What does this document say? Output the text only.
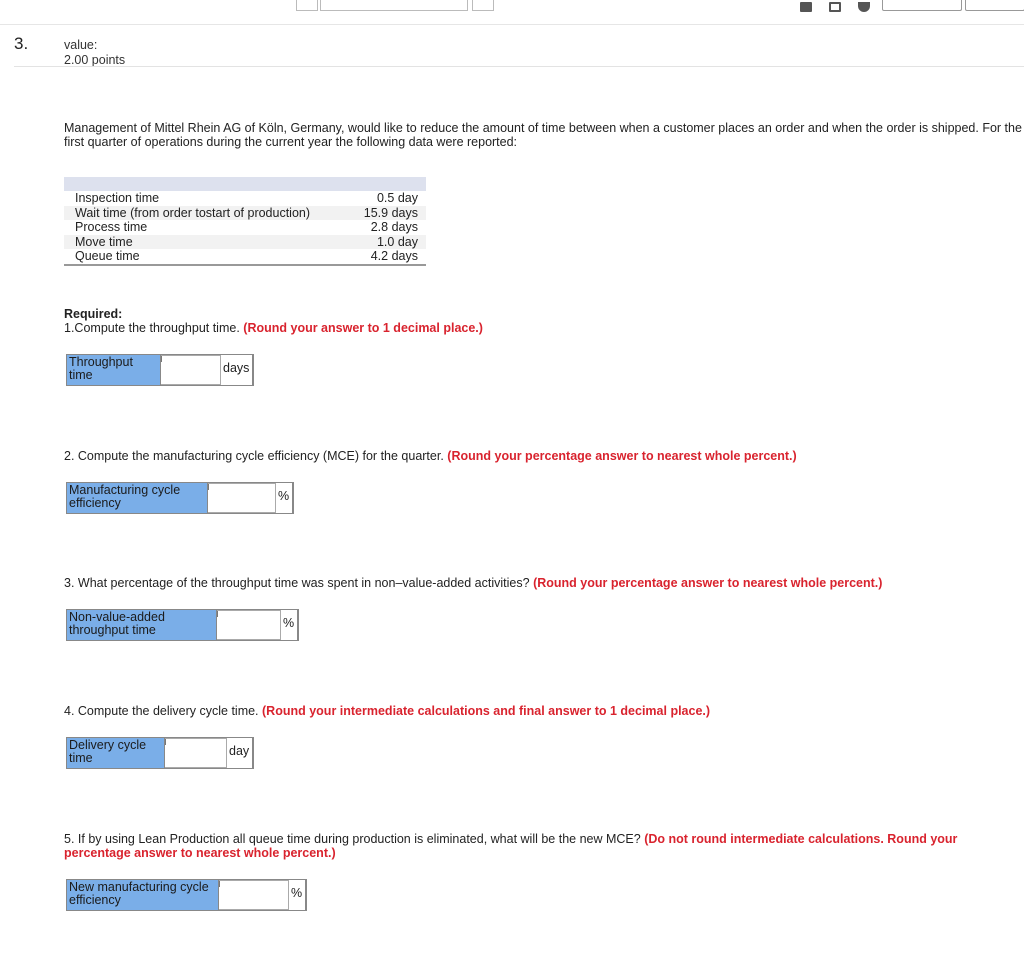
3.	value:
2.00 points
Management of Mittel Rhein AG of Köln, Germany, would like to reduce the amount of time between when a customer places an order and when the order is shipped. For the first quarter of operations during the current year the following data were reported:

Inspection time	0.5 day
Wait time (from order tostart of production)	15.9 days
Process time	2.8 days
Move time	1.0 day
Queue time	4.2 days
Required:
1.Compute the throughput time. (Round your answer to 1 decimal place.)
Throughput time	days
2. Compute the manufacturing cycle efficiency (MCE) for the quarter. (Round your percentage answer to nearest whole percent.)
Manufacturing cycle efficiency	%
3. What percentage of the throughput time was spent in non–value-added activities? (Round your percentage answer to nearest whole percent.)
Non-value-added throughput time	%
4. Compute the delivery cycle time. (Round your intermediate calculations and final answer to 1 decimal place.)
Delivery cycle time	day
5. If by using Lean Production all queue time during production is eliminated, what will be the new MCE? (Do not round intermediate calculations. Round your percentage answer to nearest whole percent.)
New manufacturing cycle efficiency	%
